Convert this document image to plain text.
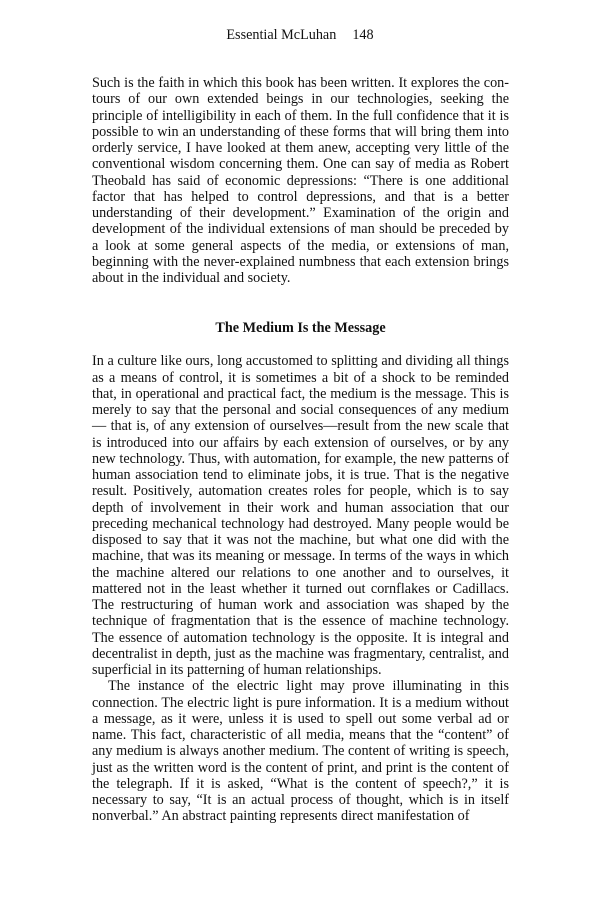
Essential McLuhan 148

Such is the faith in which this book has been written. It explores the contours of our own extended beings in our technologies, seeking the principle of intelligibility in each of them. In the full confidence that it is possible to win an understanding of these forms that will bring them into orderly service, I have looked at them anew, accepting very little of the conventional wisdom concerning them. One can say of media as Robert Theobald has said of economic depressions: “There is one additional factor that has helped to control depressions, and that is a better understanding of their development.” Examination of the origin and development of the individual extensions of man should be preceded by a look at some general aspects of the media, or extensions of man, beginning with the never-explained numbness that each extension brings about in the individual and society.

The Medium Is the Message

In a culture like ours, long accustomed to splitting and dividing all things as a means of control, it is sometimes a bit of a shock to be reminded that, in operational and practical fact, the medium is the message. This is merely to say that the personal and social consequences of any medium— that is, of any extension of ourselves—result from the new scale that is introduced into our affairs by each extension of ourselves, or by any new technology. Thus, with automation, for example, the new patterns of human association tend to eliminate jobs, it is true. That is the negative result. Positively, automation creates roles for people, which is to say depth of involvement in their work and human association that our preceding mechanical technology had destroyed. Many people would be disposed to say that it was not the machine, but what one did with the machine, that was its meaning or message. In terms of the ways in which the machine altered our relations to one another and to ourselves, it mattered not in the least whether it turned out cornflakes or Cadillacs. The restructuring of human work and association was shaped by the technique of fragmentation that is the essence of machine technology. The essence of automation technology is the opposite. It is integral and decentralist in depth, just as the machine was fragmentary, centralist, and superficial in its patterning of human relationships.

The instance of the electric light may prove illuminating in this connection. The electric light is pure information. It is a medium without a message, as it were, unless it is used to spell out some verbal ad or name. This fact, characteristic of all media, means that the “content” of any medium is always another medium. The content of writing is speech, just as the written word is the content of print, and print is the content of the telegraph. If it is asked, “What is the content of speech?,” it is necessary to say, “It is an actual process of thought, which is in itself nonverbal.” An abstract painting represents direct manifestation of
